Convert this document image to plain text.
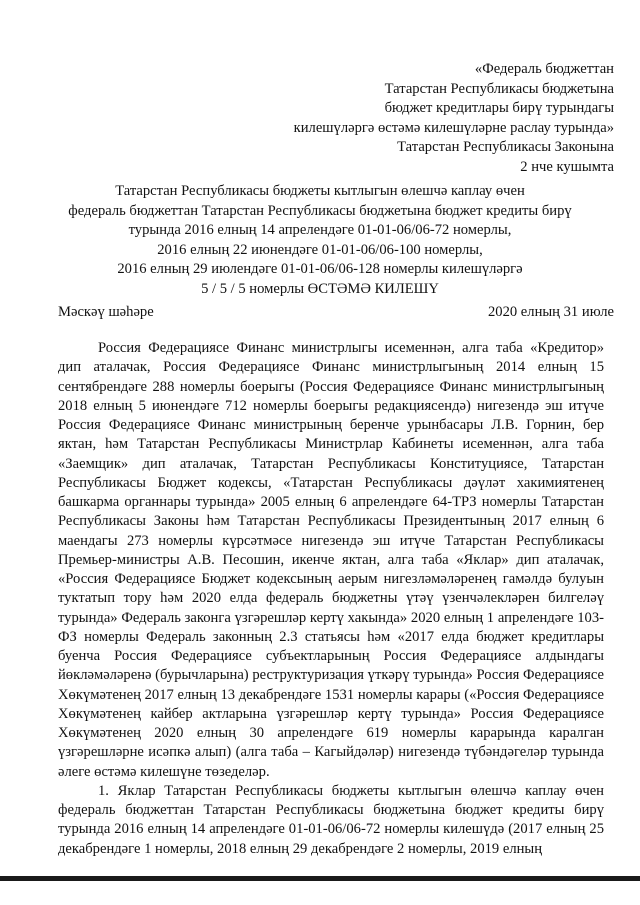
«Федераль бюджеттан
Татарстан Республикасы бюджетына
бюджет кредитлары бирү турындагы
килешүләргә өстәмә килешүләрне раслау турында»
Татарстан Республикасы Законына
2 нче кушымта
Татарстан Республикасы бюджеты кытлыгын өлешчә каплау өчен
федераль бюджеттан Татарстан Республикасы бюджетына бюджет кредиты бирү
турында 2016 елның 14 апрелендәге 01-01-06/06-72 номерлы,
2016 елның 22 июнендәге 01-01-06/06-100 номерлы,
2016 елның 29 июлендәге 01-01-06/06-128 номерлы килешүләргә
5 / 5 / 5 номерлы ӨСТӘМӘ КИЛЕШҮ
Мәскәү шәһәре	2020 елның 31 июле

Россия Федерациясе Финанс министрлыгы исеменнән, алга таба «Кредитор» дип аталачак, Россия Федерациясе Финанс министрлыгының 2014 елның 15 сентябрендәге 288 номерлы боерыгы (Россия Федерациясе Финанс министрлыгының 2018 елның 5 июнендәге 712 номерлы боерыгы редакциясендә) нигезендә эш итүче Россия Федерациясе Финанс министрының беренче урынбасары Л.В. Горнин, бер яктан, һәм Татарстан Республикасы Министрлар Кабинеты исеменнән, алга таба «Заемщик» дип аталачак, Татарстан Республикасы Конституциясе, Татарстан Республикасы Бюджет кодексы, «Татарстан Республикасы дәүләт хакимиятенең башкарма органнары турында» 2005 елның 6 апрелендәге 64-ТРЗ номерлы Татарстан Республикасы Законы һәм Татарстан Республикасы Президентының 2017 елның 6 маендагы 273 номерлы күрсәтмәсе нигезендә эш итүче Татарстан Республикасы Премьер-министры А.В. Песошин, икенче яктан, алга таба «Яклар» дип аталачак, «Россия Федерациясе Бюджет кодексының аерым нигезләмәләренең гамәлдә булуын туктатып тору һәм 2020 елда федераль бюджетны үтәү үзенчәлекләрен билгеләү турында» Федераль законга үзгәрешләр кертү хакында» 2020 елның 1 апрелендәге 103-ФЗ номерлы Федераль законның 2.3 статьясы һәм «2017 елда бюджет кредитлары буенча Россия Федерациясе субъектларының Россия Федерациясе алдындагы йөкләмәләренә (бурычларына) реструктуризация үткәрү турында» Россия Федерациясе Хөкүмәтенең 2017 елның 13 декабрендәге 1531 номерлы карары («Россия Федерациясе Хөкүмәтенең кайбер актларына үзгәрешләр кертү турында» Россия Федерациясе Хөкүмәтенең 2020 елның 30 апрелендәге 619 номерлы карарында каралган үзгәрешләрне исәпкә алып) (алга таба – Кагыйдәләр) нигезендә түбәндәгеләр турында әлеге өстәмә килешүне төзеделәр.

1. Яклар Татарстан Республикасы бюджеты кытлыгын өлешчә каплау өчен федераль бюджеттан Татарстан Республикасы бюджетына бюджет кредиты бирү турында 2016 елның 14 апрелендәге 01-01-06/06-72 номерлы килешүдә (2017 елның 25 декабрендәге 1 номерлы, 2018 елның 29 декабрендәге 2 номерлы, 2019 елның
